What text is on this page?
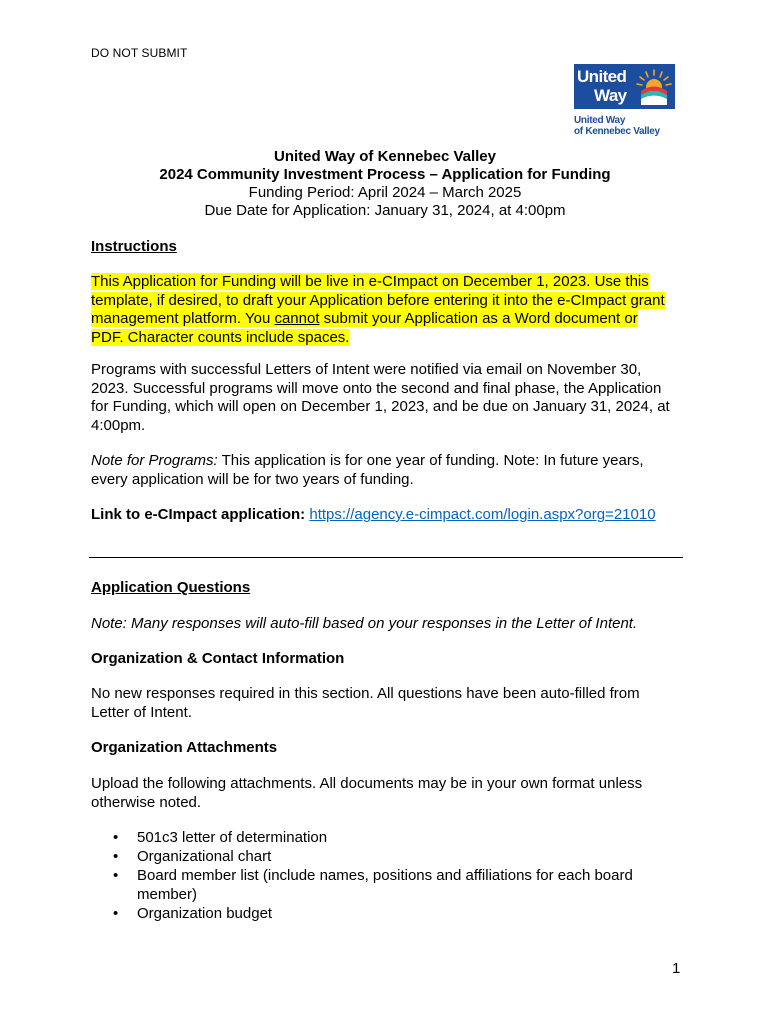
DO NOT SUBMIT
United
Way
United Way
of Kennebec Valley
United Way of Kennebec Valley
2024 Community Investment Process – Application for Funding
Funding Period: April 2024 – March 2025
Due Date for Application: January 31, 2024, at 4:00pm
Instructions
This Application for Funding will be live in e-CImpact on December 1, 2023. Use this template, if desired, to draft your Application before entering it into the e-CImpact grant management platform. You cannot submit your Application as a Word document or PDF. Character counts include spaces.
Programs with successful Letters of Intent were notified via email on November 30, 2023. Successful programs will move onto the second and final phase, the Application for Funding, which will open on December 1, 2023, and be due on January 31, 2024, at 4:00pm.
Note for Programs: This application is for one year of funding. Note: In future years, every application will be for two years of funding.
Link to e-CImpact application: https://agency.e-cimpact.com/login.aspx?org=21010
Application Questions
Note: Many responses will auto-fill based on your responses in the Letter of Intent.
Organization & Contact Information
No new responses required in this section. All questions have been auto-filled from Letter of Intent.
Organization Attachments
Upload the following attachments. All documents may be in your own format unless otherwise noted.
• 501c3 letter of determination
• Organizational chart
• Board member list (include names, positions and affiliations for each board member)
• Organization budget
1
